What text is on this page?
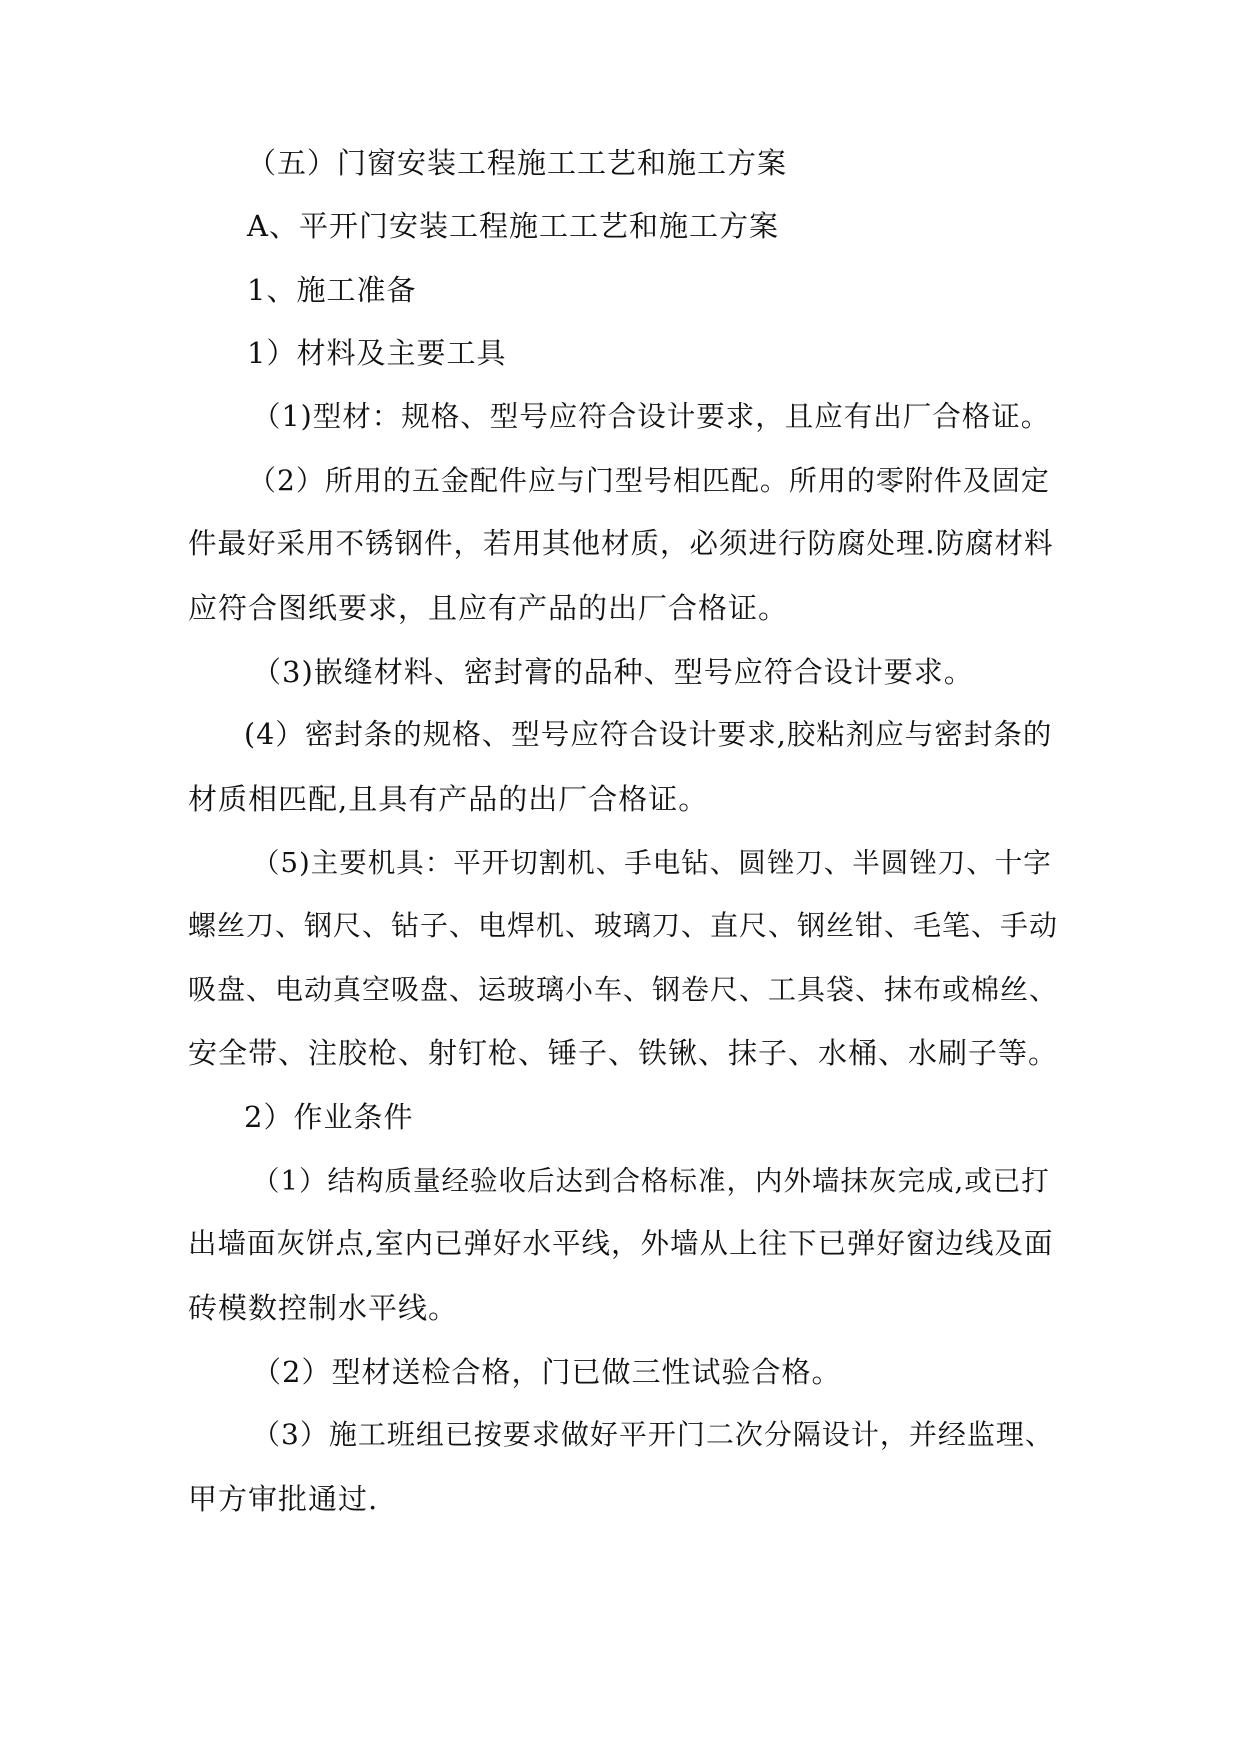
（五）门窗安装工程施工工艺和施工方案
A、平开门安装工程施工工艺和施工方案
1、施工准备
1）材料及主要工具
（1)型材：规格、型号应符合设计要求，且应有出厂合格证。
（2）所用的五金配件应与门型号相匹配。所用的零附件及固定
件最好采用不锈钢件，若用其他材质，必须进行防腐处理.防腐材料
应符合图纸要求，且应有产品的出厂合格证。
（3)嵌缝材料、密封膏的品种、型号应符合设计要求。
(4）密封条的规格、型号应符合设计要求,胶粘剂应与密封条的
材质相匹配,且具有产品的出厂合格证。
（5)主要机具：平开切割机、手电钻、圆锉刀、半圆锉刀、十字
螺丝刀、钢尺、钻子、电焊机、玻璃刀、直尺、钢丝钳、毛笔、手动
吸盘、电动真空吸盘、运玻璃小车、钢卷尺、工具袋、抹布或棉丝、
安全带、注胶枪、射钉枪、锤子、铁锹、抹子、水桶、水刷子等。
2）作业条件
（1）结构质量经验收后达到合格标准，内外墙抹灰完成,或已打
出墙面灰饼点,室内已弹好水平线，外墙从上往下已弹好窗边线及面
砖模数控制水平线。
（2）型材送检合格，门已做三性试验合格。
（3）施工班组已按要求做好平开门二次分隔设计，并经监理、
甲方审批通过.
